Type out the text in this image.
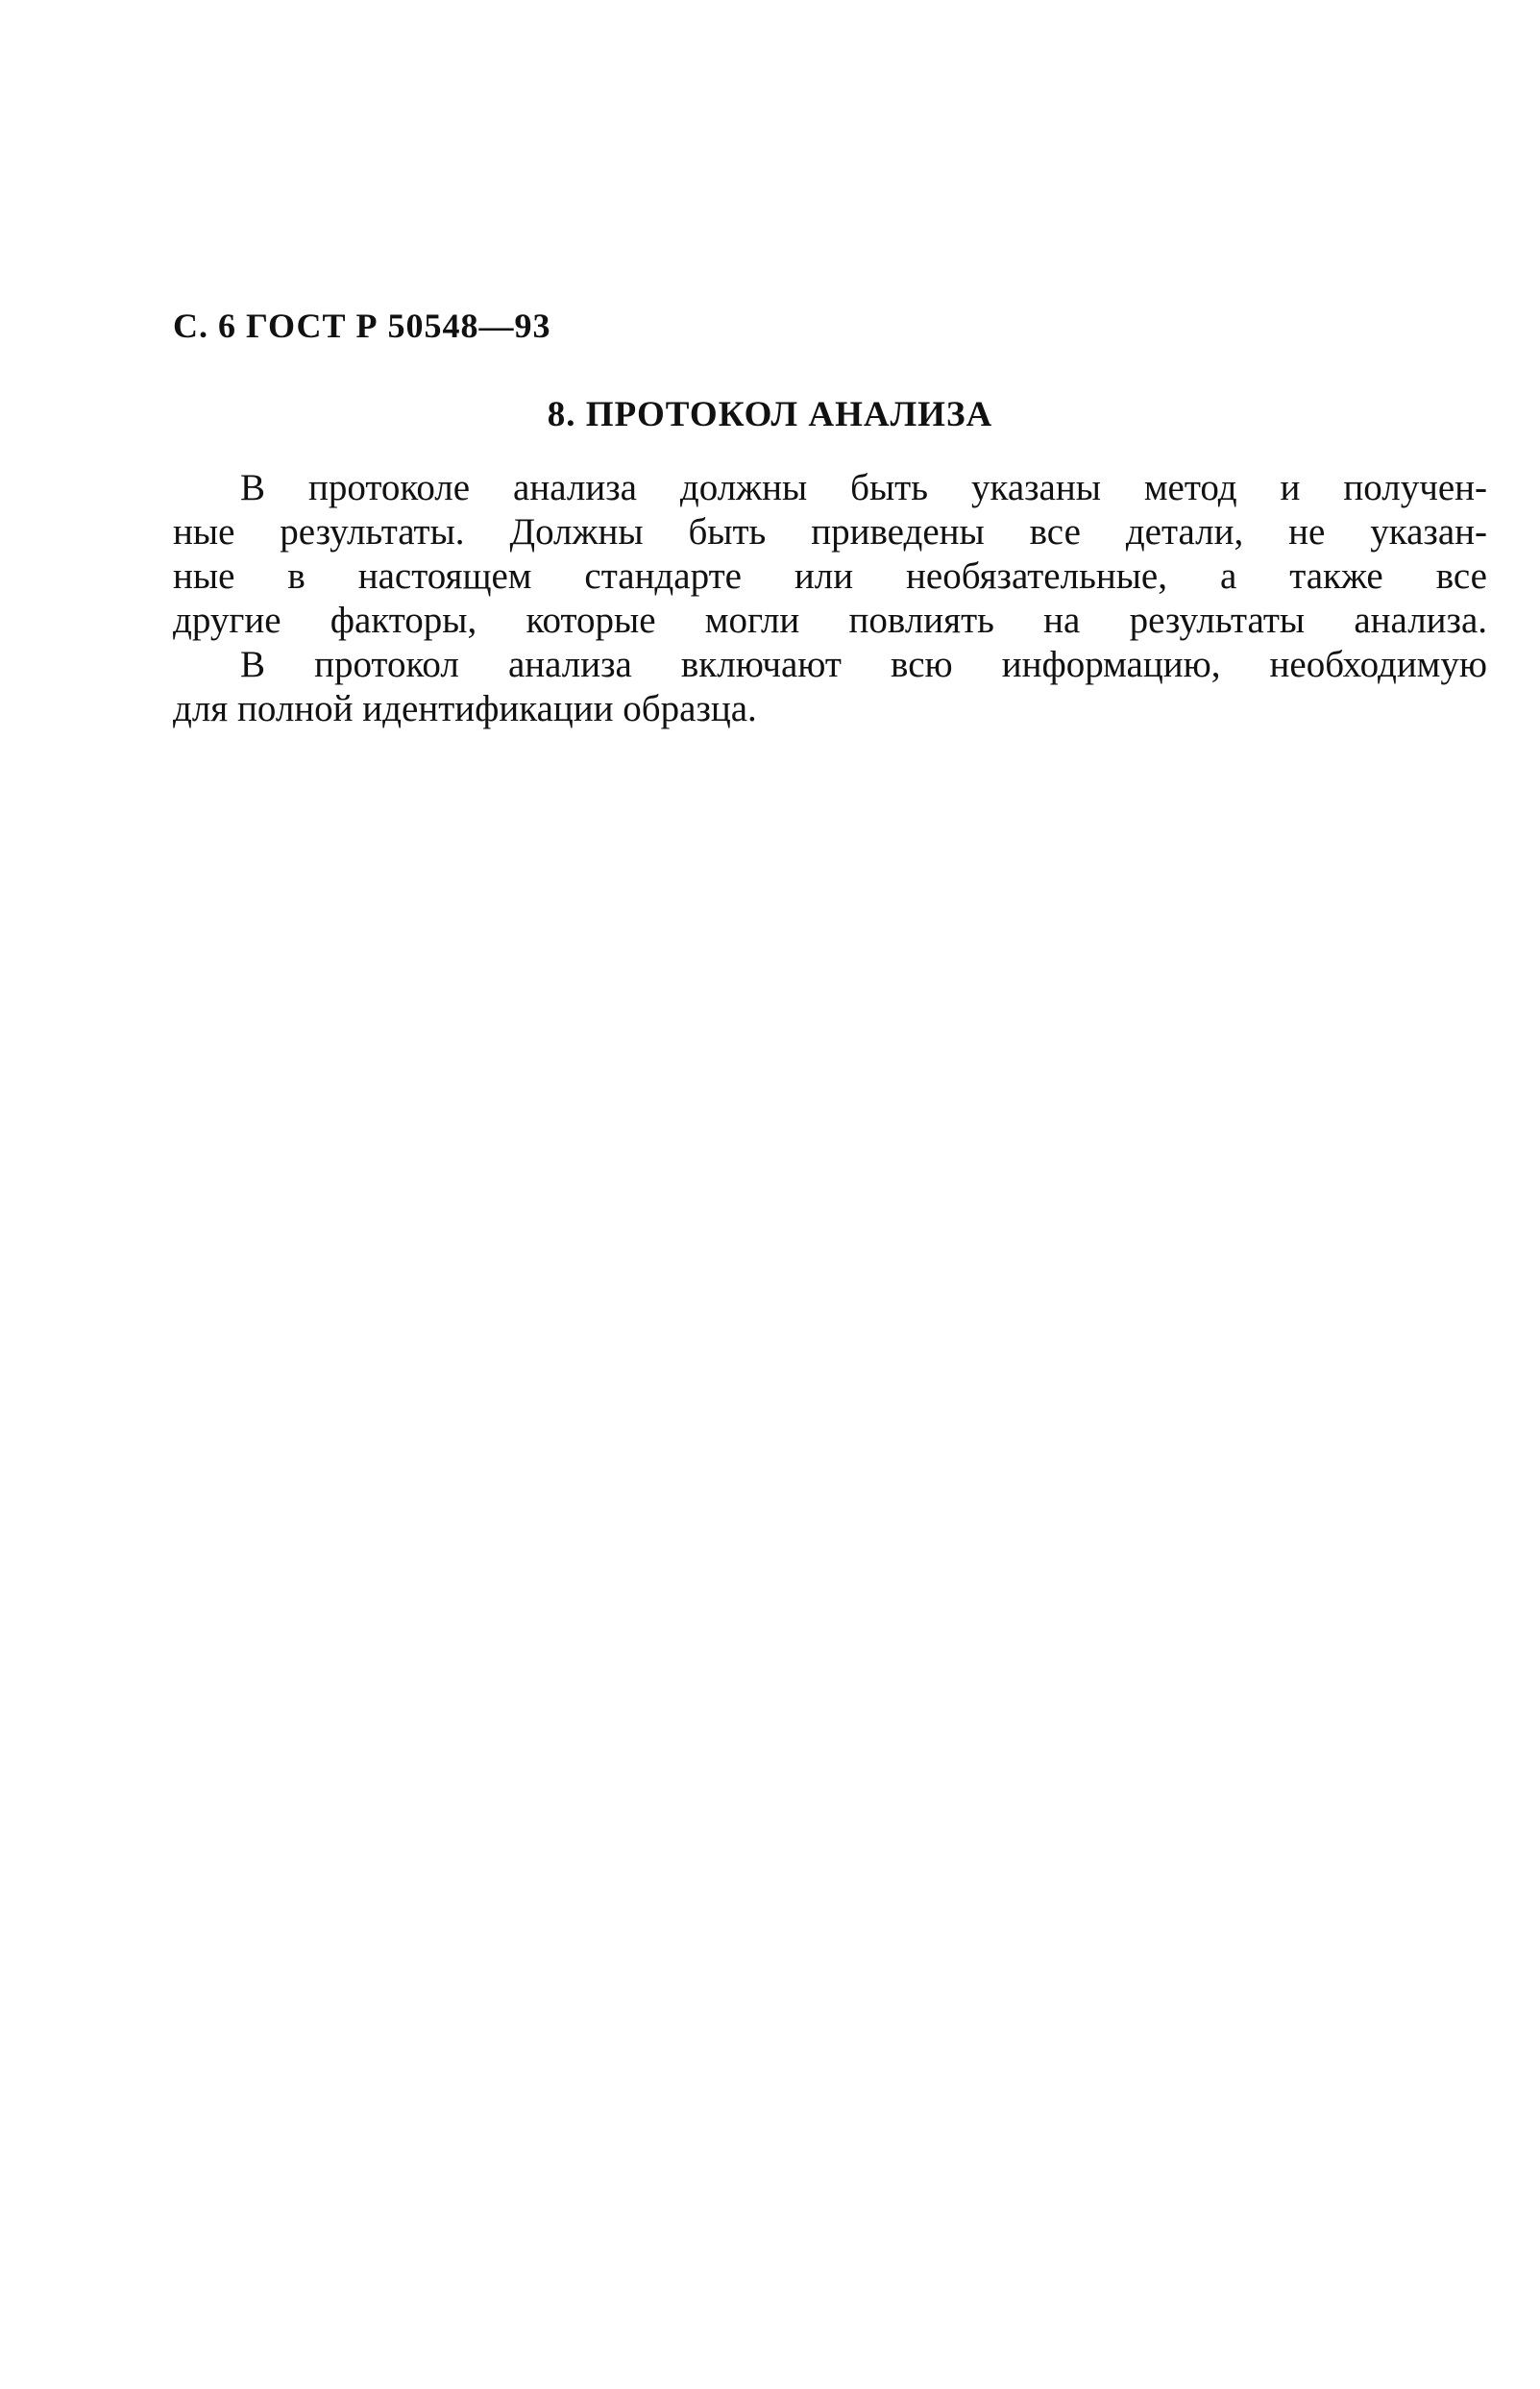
С. 6 ГОСТ Р 50548—93
8. ПРОТОКОЛ АНАЛИЗА
В протоколе анализа должны быть указаны метод и получен-
ные результаты. Должны быть приведены все детали, не указан-
ные в настоящем стандарте или необязательные, а также все
другие факторы, которые могли повлиять на результаты анализа.
В протокол анализа включают всю информацию, необходимую
для полной идентификации образца.
